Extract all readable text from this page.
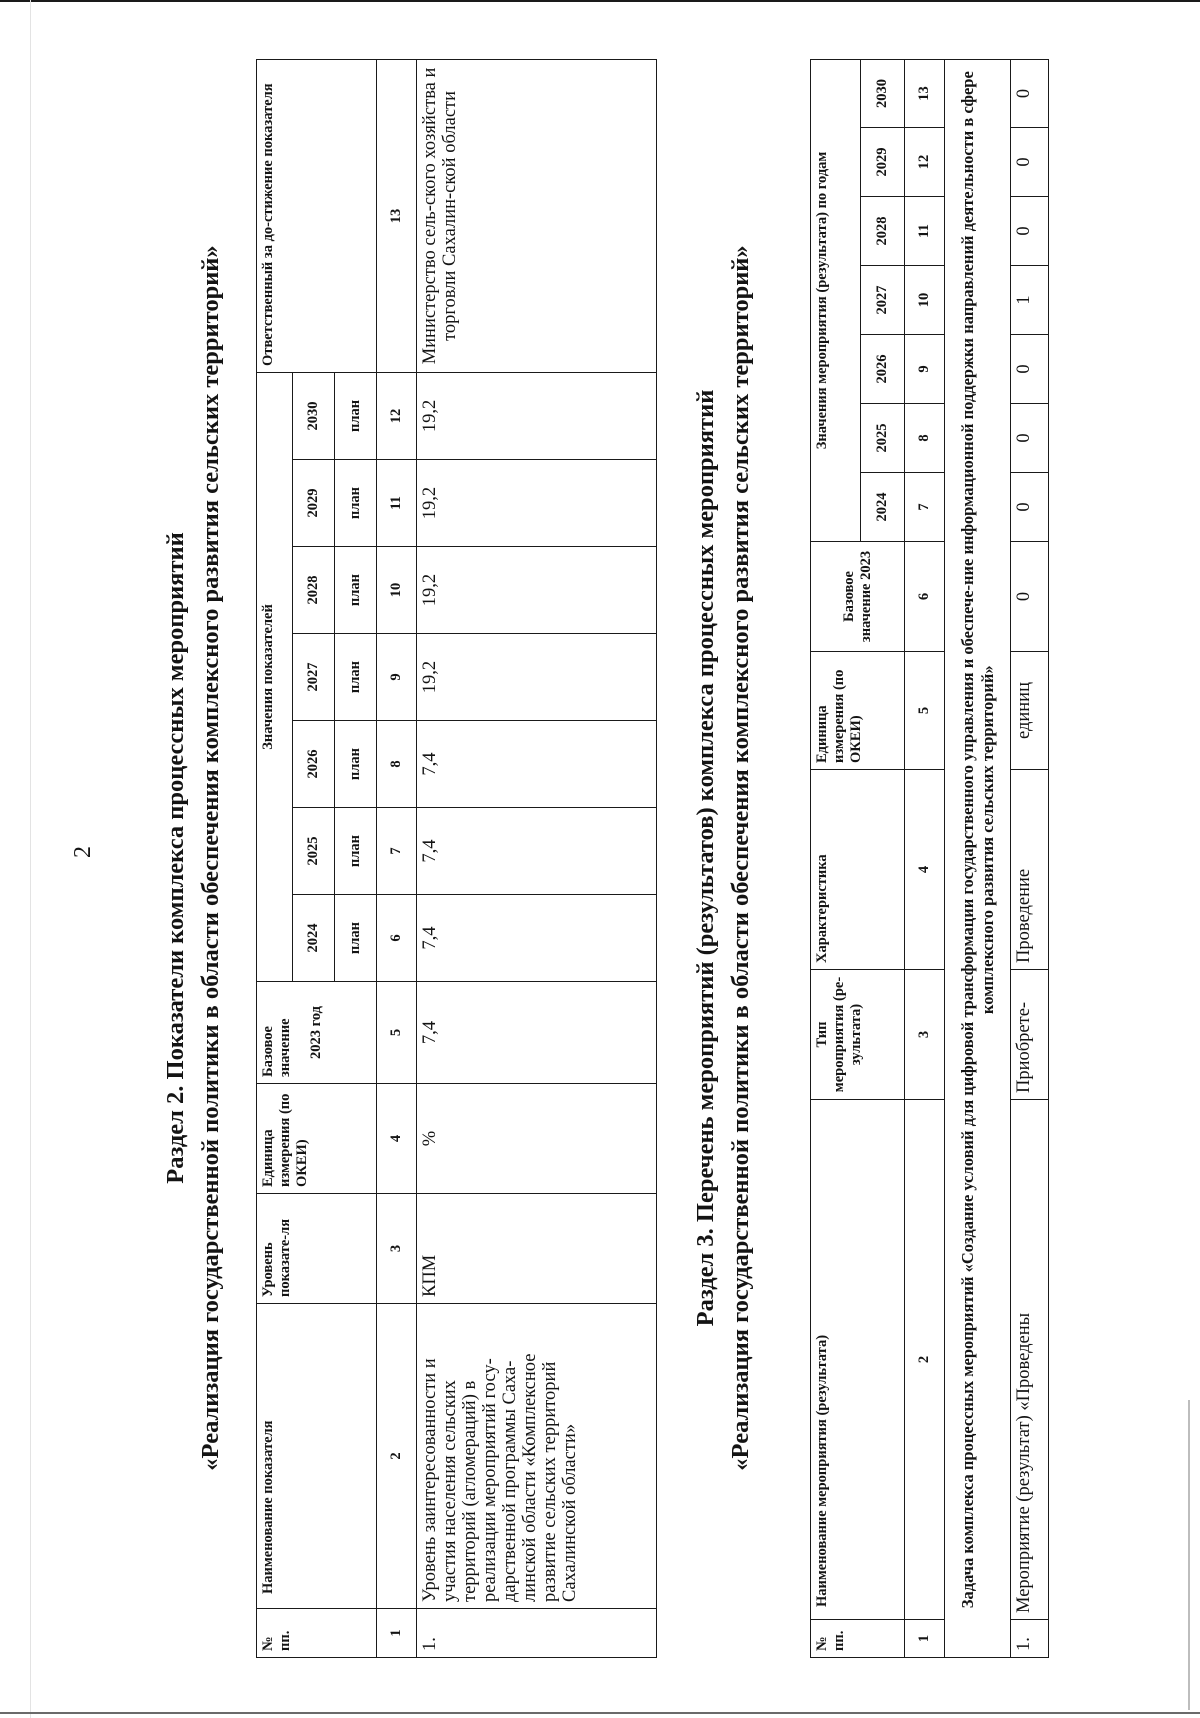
2	Раздел 2. Показатели комплекса процессных мероприятий «Реализация государственной политики в области обеспечения комплексного развития сельских территорий»
№ пп.	Наименование показателя	Уровень показате-ля	Единица измерения (по ОКЕИ)	Базовое значение 2023 год	Значения показателей							Ответственный за до-стижение показателя
					2024	2025	2026	2027	2028	2029	2030	
					план	план	план	план	план	план	план	
1	2	3	4	5	6	7	8	9	10	11	12	13
1.	Уровень заинтересованности и участия населения сельских территорий (агломераций) в реализации мероприятий госу-дарственной программы Саха-линской области «Комплексное развитие сельских территорий Сахалинской области»	КПМ	%	7,4	7,4	7,4	7,4	19,2	19,2	19,2	19,2	Министерство сель-ского хозяйства и торговли Сахалин-ской области
Раздел 3. Перечень мероприятий (результатов) комплекса процессных мероприятий «Реализация государственной политики в области обеспечения комплексного развития сельских территорий»
№ пп.	Наименование мероприятия (результата)	Тип мероприятия (ре-зультата)	Характеристика	Единица измерения (по ОКЕИ)	Базовое значение 2023	Значения мероприятия (результата) по годам						
						2024	2025	2026	2027	2028	2029	2030
1	2	3	4	5	6	7	8	9	10	11	12	13
	Задача комплекса процессных мероприятий «Создание условий для цифровой трансформации государственного управления и обеспече-ние информационной поддержки направлений деятельности в сфере комплексного развития сельских территорий»											
1.	Мероприятие (результат) «Проведены	Приобрете-	Проведение	единиц	0	0	0	0	1	0	0	0
